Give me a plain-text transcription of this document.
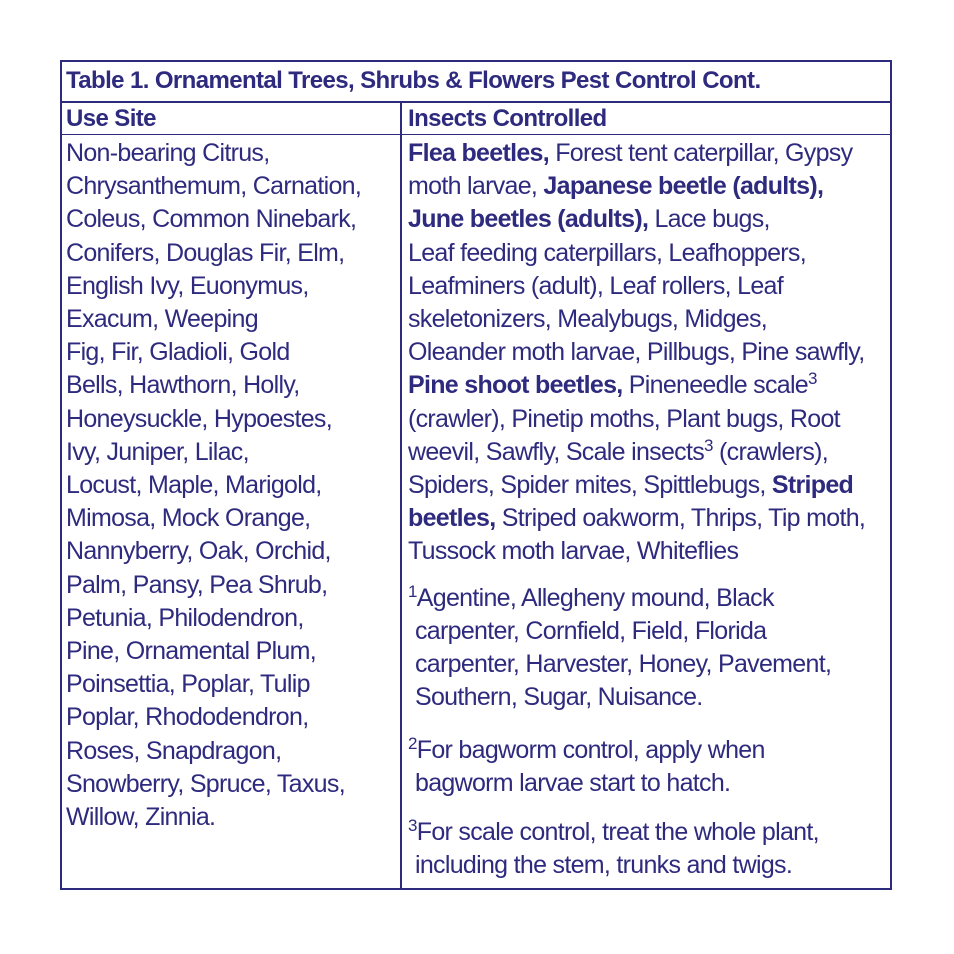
Table 1. Ornamental Trees, Shrubs & Flowers Pest Control Cont.
Use Site	Insects Controlled
Non-bearing Citrus,
Chrysanthemum, Carnation,
Coleus, Common Ninebark,
Conifers, Douglas Fir, Elm,
English Ivy, Euonymus,
Exacum, Weeping
Fig, Fir, Gladioli, Gold
Bells, Hawthorn, Holly,
Honeysuckle, Hypoestes,
Ivy, Juniper, Lilac,
Locust, Maple, Marigold,
Mimosa, Mock Orange,
Nannyberry, Oak, Orchid,
Palm, Pansy, Pea Shrub,
Petunia, Philodendron,
Pine, Ornamental Plum,
Poinsettia, Poplar, Tulip
Poplar, Rhododendron,
Roses, Snapdragon,
Snowberry, Spruce, Taxus,
Willow, Zinnia.
Flea beetles, Forest tent caterpillar, Gypsy
moth larvae, Japanese beetle (adults),
June beetles (adults), Lace bugs,
Leaf feeding caterpillars, Leafhoppers,
Leafminers (adult), Leaf rollers, Leaf
skeletonizers, Mealybugs, Midges,
Oleander moth larvae, Pillbugs, Pine sawfly,
Pine shoot beetles, Pineneedle scale$^3$
(crawler), Pinetip moths, Plant bugs, Root
weevil, Sawfly, Scale insects$^3$ (crawlers),
Spiders, Spider mites, Spittlebugs, Striped
beetles, Striped oakworm, Thrips, Tip moth,
Tussock moth larvae, Whiteflies
$^1$Agentine, Allegheny mound, Black
carpenter, Cornfield, Field, Florida
carpenter, Harvester, Honey, Pavement,
Southern, Sugar, Nuisance.
$^2$For bagworm control, apply when
bagworm larvae start to hatch.
$^3$For scale control, treat the whole plant,
including the stem, trunks and twigs.
